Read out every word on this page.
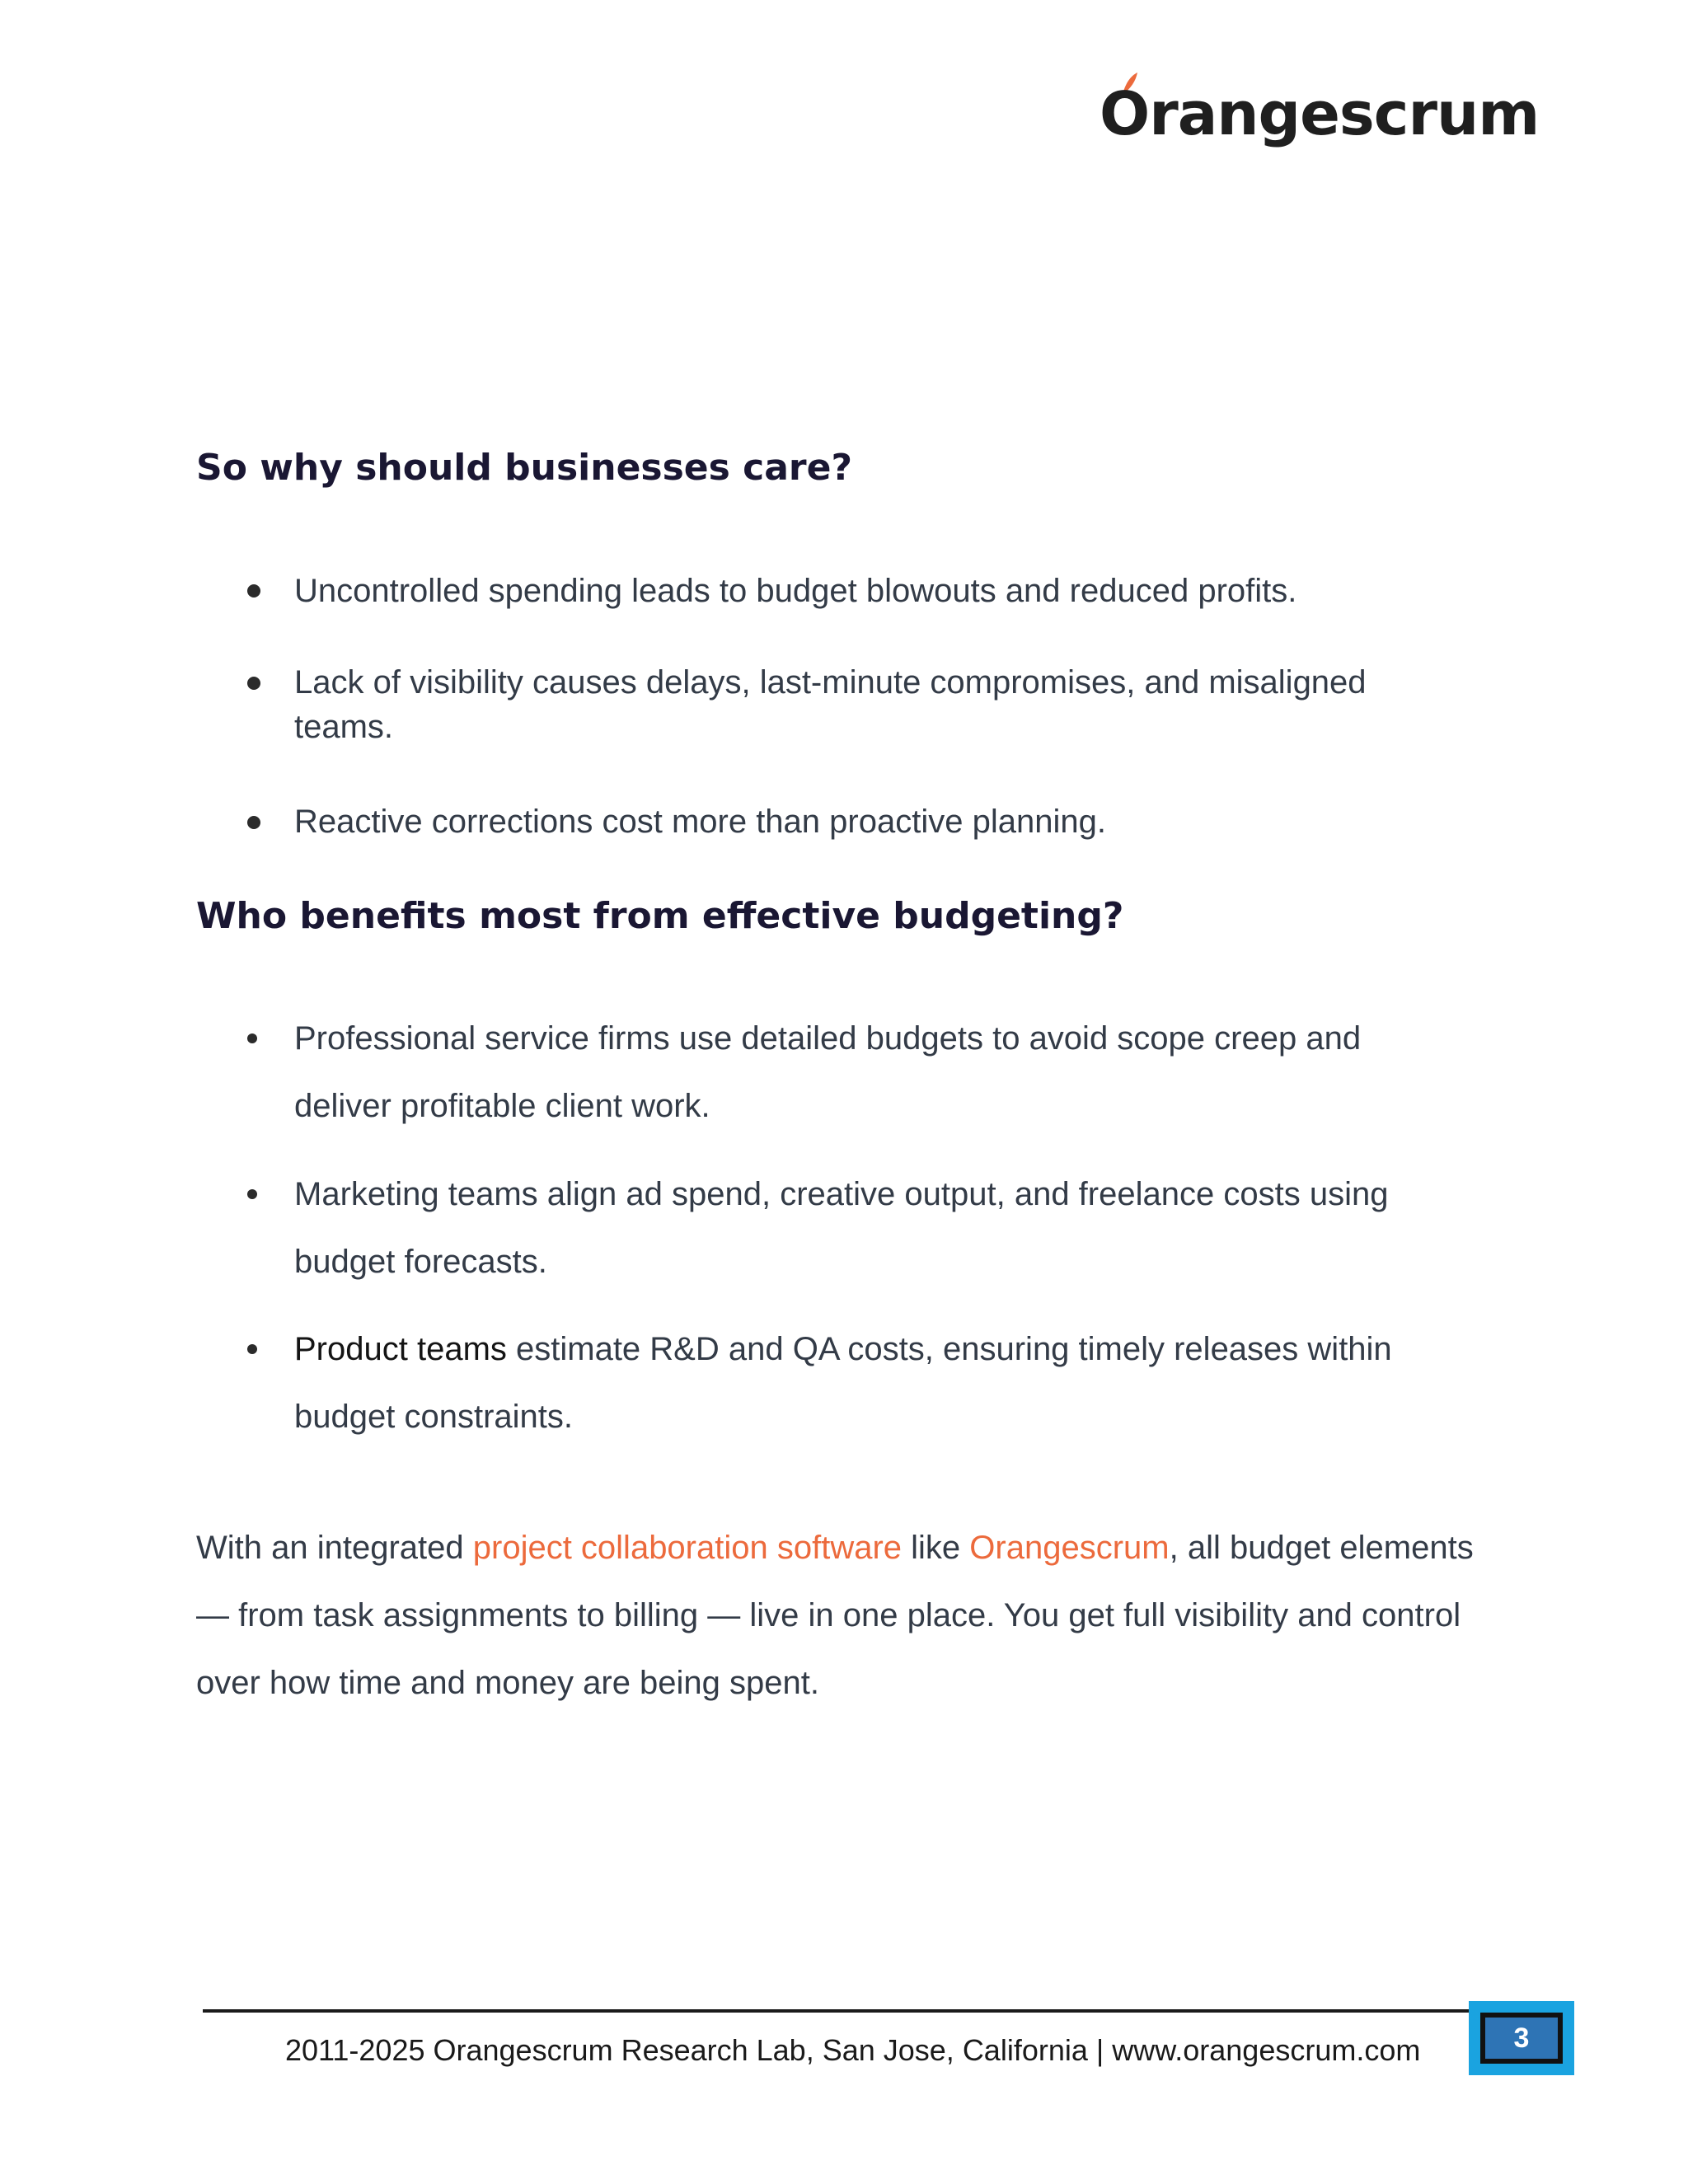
Orangescrum
So why should businesses care?
Uncontrolled spending leads to budget blowouts and reduced profits.
Lack of visibility causes delays, last-minute compromises, and misaligned teams.
Reactive corrections cost more than proactive planning.
Who benefits most from effective budgeting?
Professional service firms use detailed budgets to avoid scope creep and deliver profitable client work.
Marketing teams align ad spend, creative output, and freelance costs using budget forecasts.
Product teams estimate R&D and QA costs, ensuring timely releases within budget constraints.

With an integrated project collaboration software like Orangescrum, all budget elements — from task assignments to billing — live in one place. You get full visibility and control over how time and money are being spent.

2011-2025 Orangescrum Research Lab, San Jose, California | www.orangescrum.com	3
